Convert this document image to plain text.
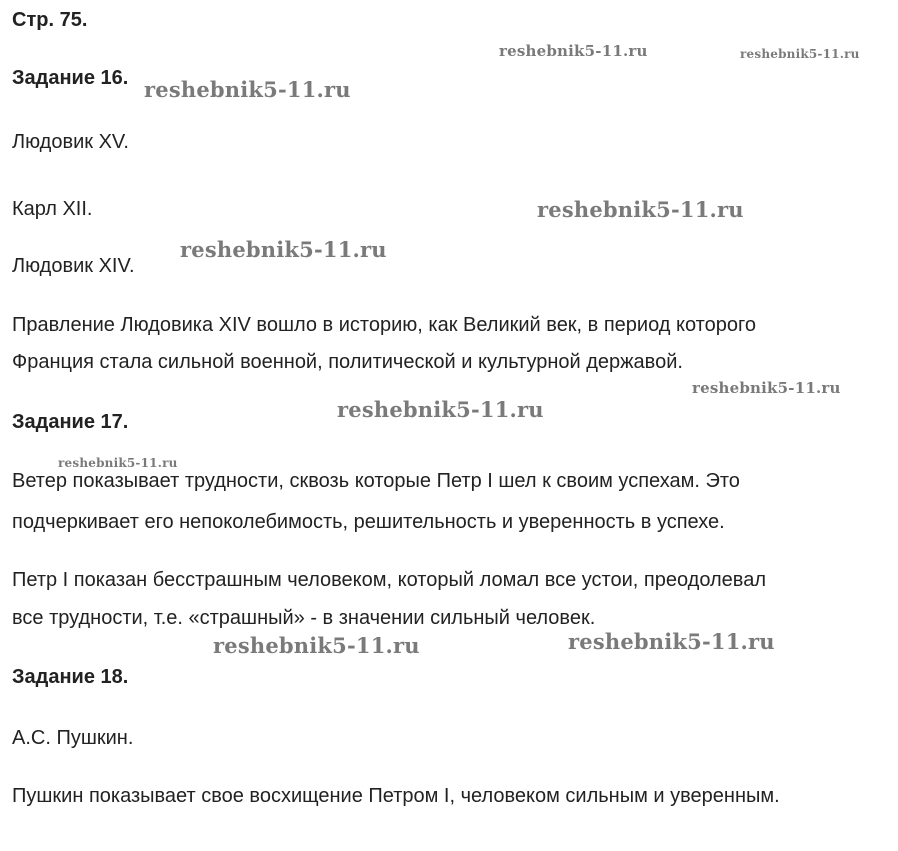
Стр. 75.
Задание 16.
Людовик XV.
Карл XII.
Людовик XIV.
Правление Людовика XIV вошло в историю, как Великий век, в период которого
Франция стала сильной военной, политической и культурной державой.
Задание 17.
Ветер показывает трудности, сквозь которые Петр I шел к своим успехам. Это
подчеркивает его непоколебимость, решительность и уверенность в успехе.
Петр I показан бесстрашным человеком, который ломал все устои, преодолевал
все трудности, т.е. «страшный» - в значении сильный человек.
Задание 18.
А.С. Пушкин.
Пушкин показывает свое восхищение Петром I, человеком сильным и уверенным.
reshebnik5-11.ru	reshebnik5-11.ru
reshebnik5-11.ru
reshebnik5-11.ru
reshebnik5-11.ru
reshebnik5-11.ru
reshebnik5-11.ru
reshebnik5-11.ru
reshebnik5-11.ru
reshebnik5-11.ru
